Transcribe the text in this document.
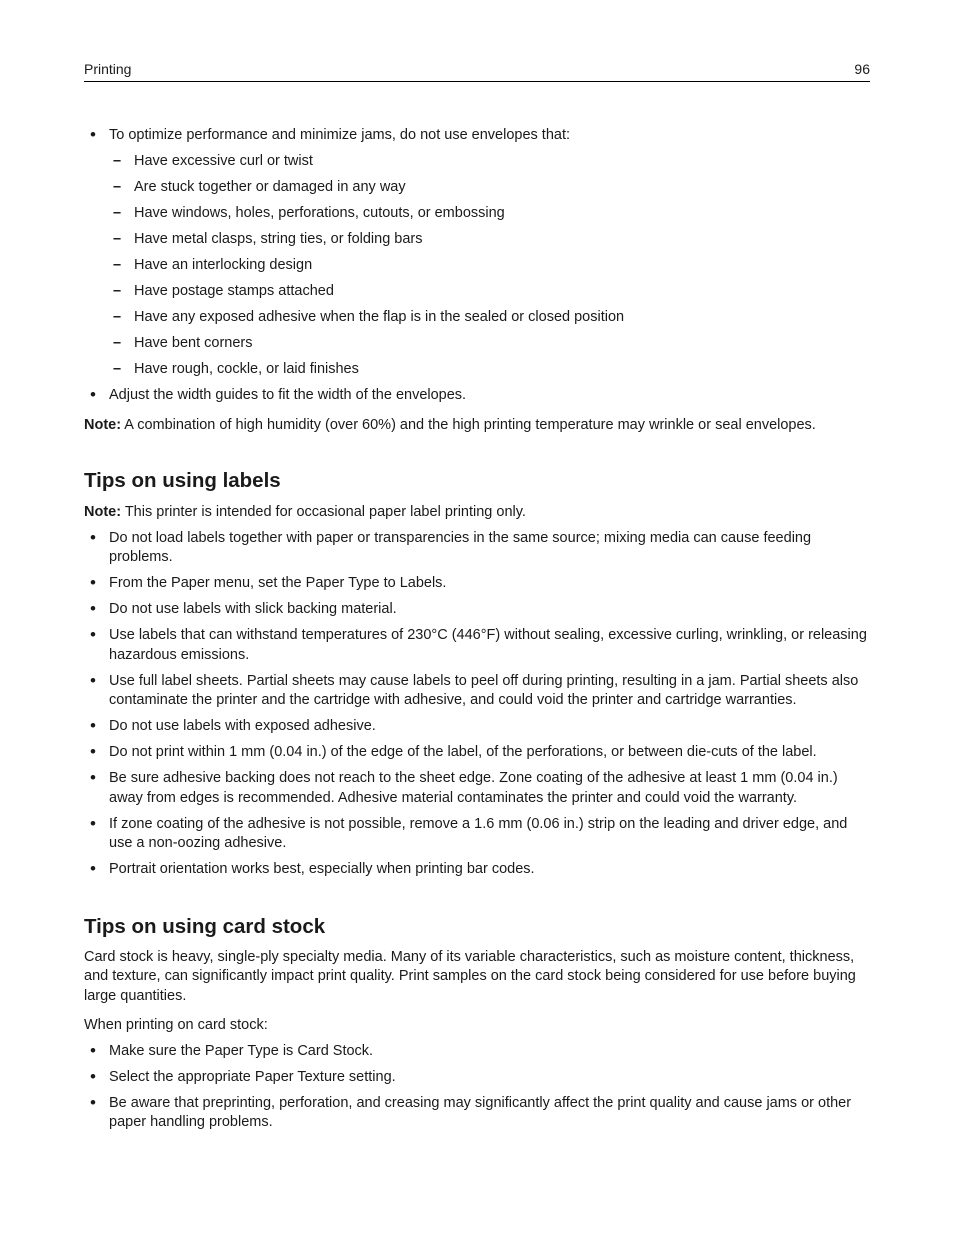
Printing	96
• To optimize performance and minimize jams, do not use envelopes that:
– Have excessive curl or twist
– Are stuck together or damaged in any way
– Have windows, holes, perforations, cutouts, or embossing
– Have metal clasps, string ties, or folding bars
– Have an interlocking design
– Have postage stamps attached
– Have any exposed adhesive when the flap is in the sealed or closed position
– Have bent corners
– Have rough, cockle, or laid finishes
• Adjust the width guides to fit the width of the envelopes.

Note: A combination of high humidity (over 60%) and the high printing temperature may wrinkle or seal envelopes.

Tips on using labels

Note: This printer is intended for occasional paper label printing only.

• Do not load labels together with paper or transparencies in the same source; mixing media can cause feeding problems.
• From the Paper menu, set the Paper Type to Labels.
• Do not use labels with slick backing material.
• Use labels that can withstand temperatures of 230°C (446°F) without sealing, excessive curling, wrinkling, or releasing hazardous emissions.
• Use full label sheets. Partial sheets may cause labels to peel off during printing, resulting in a jam. Partial sheets also contaminate the printer and the cartridge with adhesive, and could void the printer and cartridge warranties.
• Do not use labels with exposed adhesive.
• Do not print within 1 mm (0.04 in.) of the edge of the label, of the perforations, or between die-cuts of the label.
• Be sure adhesive backing does not reach to the sheet edge. Zone coating of the adhesive at least 1 mm (0.04 in.) away from edges is recommended. Adhesive material contaminates the printer and could void the warranty.
• If zone coating of the adhesive is not possible, remove a 1.6 mm (0.06 in.) strip on the leading and driver edge, and use a non-oozing adhesive.
• Portrait orientation works best, especially when printing bar codes.
Tips on using card stock

Card stock is heavy, single-ply specialty media. Many of its variable characteristics, such as moisture content, thickness, and texture, can significantly impact print quality. Print samples on the card stock being considered for use before buying large quantities.

When printing on card stock:

• Make sure the Paper Type is Card Stock.
• Select the appropriate Paper Texture setting.
• Be aware that preprinting, perforation, and creasing may significantly affect the print quality and cause jams or other paper handling problems.
